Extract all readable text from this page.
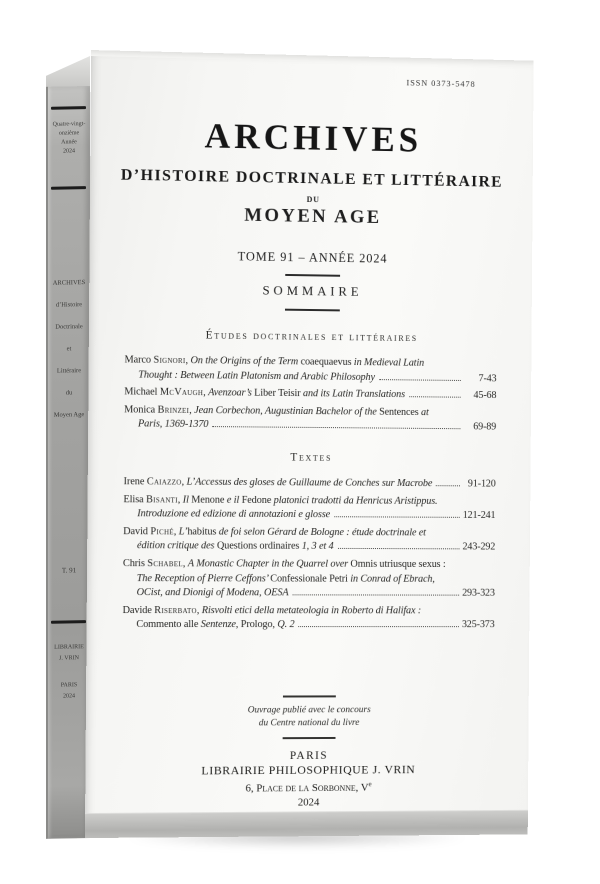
Quatre-vingt-
onzième
Année
2024
ARCHIVES
d’Histoire
Doctrinale
et
Littéraire
du
Moyen Age
T. 91
LIBRAIRIE
J. VRIN
PARIS
2024
ISSN 0373-5478
ARCHIVES
D’HISTOIRE DOCTRINALE ET LITTÉRAIRE
DU
MOYEN AGE
TOME 91 – ANNÉE 2024
SOMMAIRE
Études doctrinales et littéraires
Marco Signori , On the Origins of the Term coaequaevus in Medieval Latin
Thought : Between Latin Platonism and Arabic Philosophy	7-43
Michael McVaugh , Avenzoar’s Liber Teisir and its Latin Translations	45-68
Monica Brinzei , Jean Corbechon, Augustinian Bachelor of the Sentences at
Paris, 1369-1370	69-89
Textes
Irene Caiazzo , L’Accessus des gloses de Guillaume de Conches sur Macrobe	91-120
Elisa Bisanti , Il Menone e il Fedone platonici tradotti da Henricus Aristippus.
Introduzione ed edizione di annotazioni e glosse	121-241
David Piché , L’ habitus de foi selon Gérard de Bologne : étude doctrinale et
édition critique des Questions ordinaires 1, 3 et 4	243-292
Chris Schabel , A Monastic Chapter in the Quarrel over Omnis utriusque sexus :
The Reception of Pierre Ceffons’ Confessionale Petri in Conrad of Ebrach,
OCist, and Dionigi of Modena, OESA	293-323
Davide Riserbato , Risvolti etici della metateologia in Roberto di Halifax :
Commento alle Sentenze , Prologo, Q. 2	325-373
Ouvrage publié avec le concours
du Centre national du livre
PARIS
LIBRAIRIE PHILOSOPHIQUE J. VRIN
6, Place de la Sorbonne, Ve
2024
